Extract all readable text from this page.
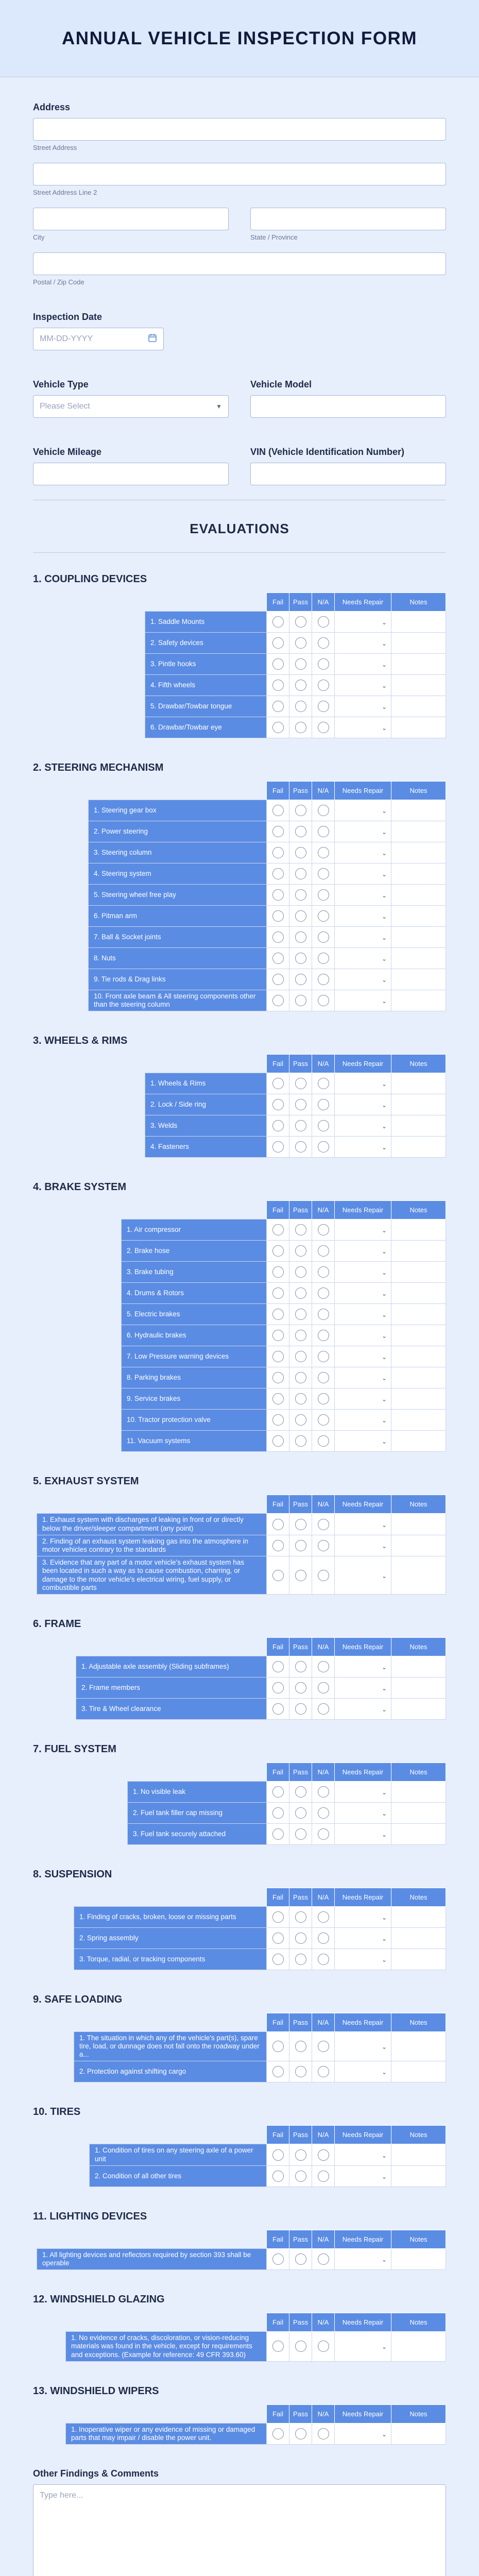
ANNUAL VEHICLE INSPECTION FORM
Address
Street Address
Street Address Line 2
City	State / Province
Postal / Zip Code
Inspection Date
MM-DD-YYYY
Vehicle Type
Please Select	▼
Vehicle Model
Vehicle Mileage	VIN (Vehicle Identification Number)
EVALUATIONS
1. COUPLING DEVICES
	Fail	Pass	N/A	Needs Repair	Notes
1. Saddle Mounts				⌄	
2. Safety devices				⌄	
3. Pintle hooks				⌄	
4. Fifth wheels				⌄	
5. Drawbar/Towbar tongue				⌄	
6. Drawbar/Towbar eye				⌄	
2. STEERING MECHANISM
	Fail	Pass	N/A	Needs Repair	Notes
1. Steering gear box				⌄	
2. Power steering				⌄	
3. Steering column				⌄	
4. Steering system				⌄	
5. Steering wheel free play				⌄	
6. Pitman arm				⌄	
7. Ball & Socket joints				⌄	
8. Nuts				⌄	
9. Tie rods & Drag links				⌄	
10. Front axle beam & All steering components other than the steering column				⌄	
3. WHEELS & RIMS
	Fail	Pass	N/A	Needs Repair	Notes
1. Wheels & Rims				⌄	
2. Lock / Side ring				⌄	
3. Welds				⌄	
4. Fasteners				⌄	
4. BRAKE SYSTEM
	Fail	Pass	N/A	Needs Repair	Notes
1. Air compressor				⌄	
2. Brake hose				⌄	
3. Brake tubing				⌄	
4. Drums & Rotors				⌄	
5. Electric brakes				⌄	
6. Hydraulic brakes				⌄	
7. Low Pressure warning devices				⌄	
8. Parking brakes				⌄	
9. Service brakes				⌄	
10. Tractor protection valve				⌄	
11. Vacuum systems				⌄	
5. EXHAUST SYSTEM
	Fail	Pass	N/A	Needs Repair	Notes
1. Exhaust system with discharges of leaking in front of or directly below the driver/sleeper compartment (any point)				⌄	
2. Finding of an exhaust system leaking gas into the atmosphere in motor vehicles contrary to the standards				⌄	
3. Evidence that any part of a motor vehicle's exhaust system has been located in such a way as to cause combustion, charring, or damage to the motor vehicle's electrical wiring, fuel supply, or combustible parts				⌄	
6. FRAME
	Fail	Pass	N/A	Needs Repair	Notes
1. Adjustable axle assembly (Sliding subframes)				⌄	
2. Frame members				⌄	
3. Tire & Wheel clearance				⌄	
7. FUEL SYSTEM
	Fail	Pass	N/A	Needs Repair	Notes
1. No visible leak				⌄	
2. Fuel tank filler cap missing				⌄	
3. Fuel tank securely attached				⌄	
8. SUSPENSION
	Fail	Pass	N/A	Needs Repair	Notes
1. Finding of cracks, broken, loose or missing parts				⌄	
2. Spring assembly				⌄	
3. Torque, radial, or tracking components				⌄	
9. SAFE LOADING
	Fail	Pass	N/A	Needs Repair	Notes
1. The situation in which any of the vehicle's part(s), spare tire, load, or dunnage does not fall onto the roadway under a...				⌄	
2. Protection against shifting cargo				⌄	
10. TIRES
	Fail	Pass	N/A	Needs Repair	Notes
1. Condition of tires on any steering axle of a power unit				⌄	
2. Condition of all other tires				⌄	
11. LIGHTING DEVICES
	Fail	Pass	N/A	Needs Repair	Notes
1. All lighting devices and reflectors required by section 393 shall be operable				⌄	
12. WINDSHIELD GLAZING
	Fail	Pass	N/A	Needs Repair	Notes
1. No evidence of cracks, discoloration, or vision-reducing materials was found in the vehicle, except for requirements and exceptions. (Example for reference: 49 CFR 393.60)				⌄	
13. WINDSHIELD WIPERS
	Fail	Pass	N/A	Needs Repair	Notes
1. Inoperative wiper or any evidence of missing or damaged parts that may impair / disable the power unit.				⌄	
Other Findings & Comments
Type here...
